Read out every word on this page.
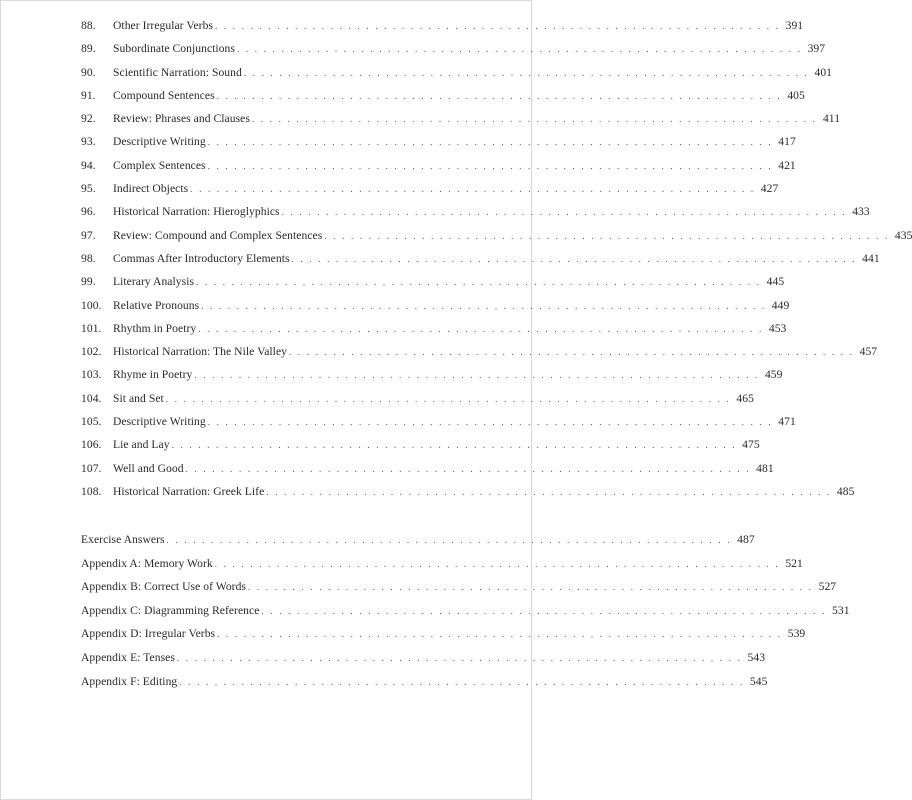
88.	Other Irregular Verbs . . . . . . . . . . . . . . . . . . . . . . . . . . . . . . . . . . . . . . . . . . . . . . . . . . . . . . . . . . . . . . . . 391
89.	Subordinate Conjunctions . . . . . . . . . . . . . . . . . . . . . . . . . . . . . . . . . . . . . . . . . . . . . . . . . . . . . . . . . . . . . . . . 397
90.	Scientific Narration: Sound . . . . . . . . . . . . . . . . . . . . . . . . . . . . . . . . . . . . . . . . . . . . . . . . . . . . . . . . . . . . . . . . 401
91.	Compound Sentences . . . . . . . . . . . . . . . . . . . . . . . . . . . . . . . . . . . . . . . . . . . . . . . . . . . . . . . . . . . . . . . . 405
92.	Review: Phrases and Clauses . . . . . . . . . . . . . . . . . . . . . . . . . . . . . . . . . . . . . . . . . . . . . . . . . . . . . . . . . . . . . . . . 411
93.	Descriptive Writing . . . . . . . . . . . . . . . . . . . . . . . . . . . . . . . . . . . . . . . . . . . . . . . . . . . . . . . . . . . . . . . . 417
94.	Complex Sentences . . . . . . . . . . . . . . . . . . . . . . . . . . . . . . . . . . . . . . . . . . . . . . . . . . . . . . . . . . . . . . . . 421
95.	Indirect Objects . . . . . . . . . . . . . . . . . . . . . . . . . . . . . . . . . . . . . . . . . . . . . . . . . . . . . . . . . . . . . . . . 427
96.	Historical Narration: Hieroglyphics . . . . . . . . . . . . . . . . . . . . . . . . . . . . . . . . . . . . . . . . . . . . . . . . . . . . . . . . . . . . . . . . 433
97.	Review: Compound and Complex Sentences . . . . . . . . . . . . . . . . . . . . . . . . . . . . . . . . . . . . . . . . . . . . . . . . . . . . . . . . . . . . . . . . 435
98.	Commas After Introductory Elements . . . . . . . . . . . . . . . . . . . . . . . . . . . . . . . . . . . . . . . . . . . . . . . . . . . . . . . . . . . . . . . . 441
99.	Literary Analysis . . . . . . . . . . . . . . . . . . . . . . . . . . . . . . . . . . . . . . . . . . . . . . . . . . . . . . . . . . . . . . . . 445
100. Relative Pronouns . . . . . . . . . . . . . . . . . . . . . . . . . . . . . . . . . . . . . . . . . . . . . . . . . . . . . . . . . . . . . . . . 449
101. Rhythm in Poetry . . . . . . . . . . . . . . . . . . . . . . . . . . . . . . . . . . . . . . . . . . . . . . . . . . . . . . . . . . . . . . . . 453
102. Historical Narration: The Nile Valley . . . . . . . . . . . . . . . . . . . . . . . . . . . . . . . . . . . . . . . . . . . . . . . . . . . . . . . . . . . . . . . . 457
103. Rhyme in Poetry . . . . . . . . . . . . . . . . . . . . . . . . . . . . . . . . . . . . . . . . . . . . . . . . . . . . . . . . . . . . . . . . 459
104. Sit and Set . . . . . . . . . . . . . . . . . . . . . . . . . . . . . . . . . . . . . . . . . . . . . . . . . . . . . . . . . . . . . . . . 465
105. Descriptive Writing . . . . . . . . . . . . . . . . . . . . . . . . . . . . . . . . . . . . . . . . . . . . . . . . . . . . . . . . . . . . . . . . 471
106. Lie and Lay . . . . . . . . . . . . . . . . . . . . . . . . . . . . . . . . . . . . . . . . . . . . . . . . . . . . . . . . . . . . . . . . 475
107. Well and Good . . . . . . . . . . . . . . . . . . . . . . . . . . . . . . . . . . . . . . . . . . . . . . . . . . . . . . . . . . . . . . . . 481
108. Historical Narration: Greek Life . . . . . . . . . . . . . . . . . . . . . . . . . . . . . . . . . . . . . . . . . . . . . . . . . . . . . . . . . . . . . . . . 485
Exercise Answers . . . . . . . . . . . . . . . . . . . . . . . . . . . . . . . . . . . . . . . . . . . . . . . . . . . . . . . . . . . . . . . . 487
Appendix A: Memory Work . . . . . . . . . . . . . . . . . . . . . . . . . . . . . . . . . . . . . . . . . . . . . . . . . . . . . . . . . . . . . . . . 521
Appendix B: Correct Use of Words . . . . . . . . . . . . . . . . . . . . . . . . . . . . . . . . . . . . . . . . . . . . . . . . . . . . . . . . . . . . . . . . 527
Appendix C: Diagramming Reference . . . . . . . . . . . . . . . . . . . . . . . . . . . . . . . . . . . . . . . . . . . . . . . . . . . . . . . . . . . . . . . . 531
Appendix D: Irregular Verbs . . . . . . . . . . . . . . . . . . . . . . . . . . . . . . . . . . . . . . . . . . . . . . . . . . . . . . . . . . . . . . . . 539
Appendix E: Tenses . . . . . . . . . . . . . . . . . . . . . . . . . . . . . . . . . . . . . . . . . . . . . . . . . . . . . . . . . . . . . . . . 543
Appendix F: Editing . . . . . . . . . . . . . . . . . . . . . . . . . . . . . . . . . . . . . . . . . . . . . . . . . . . . . . . . . . . . . . . . 545
